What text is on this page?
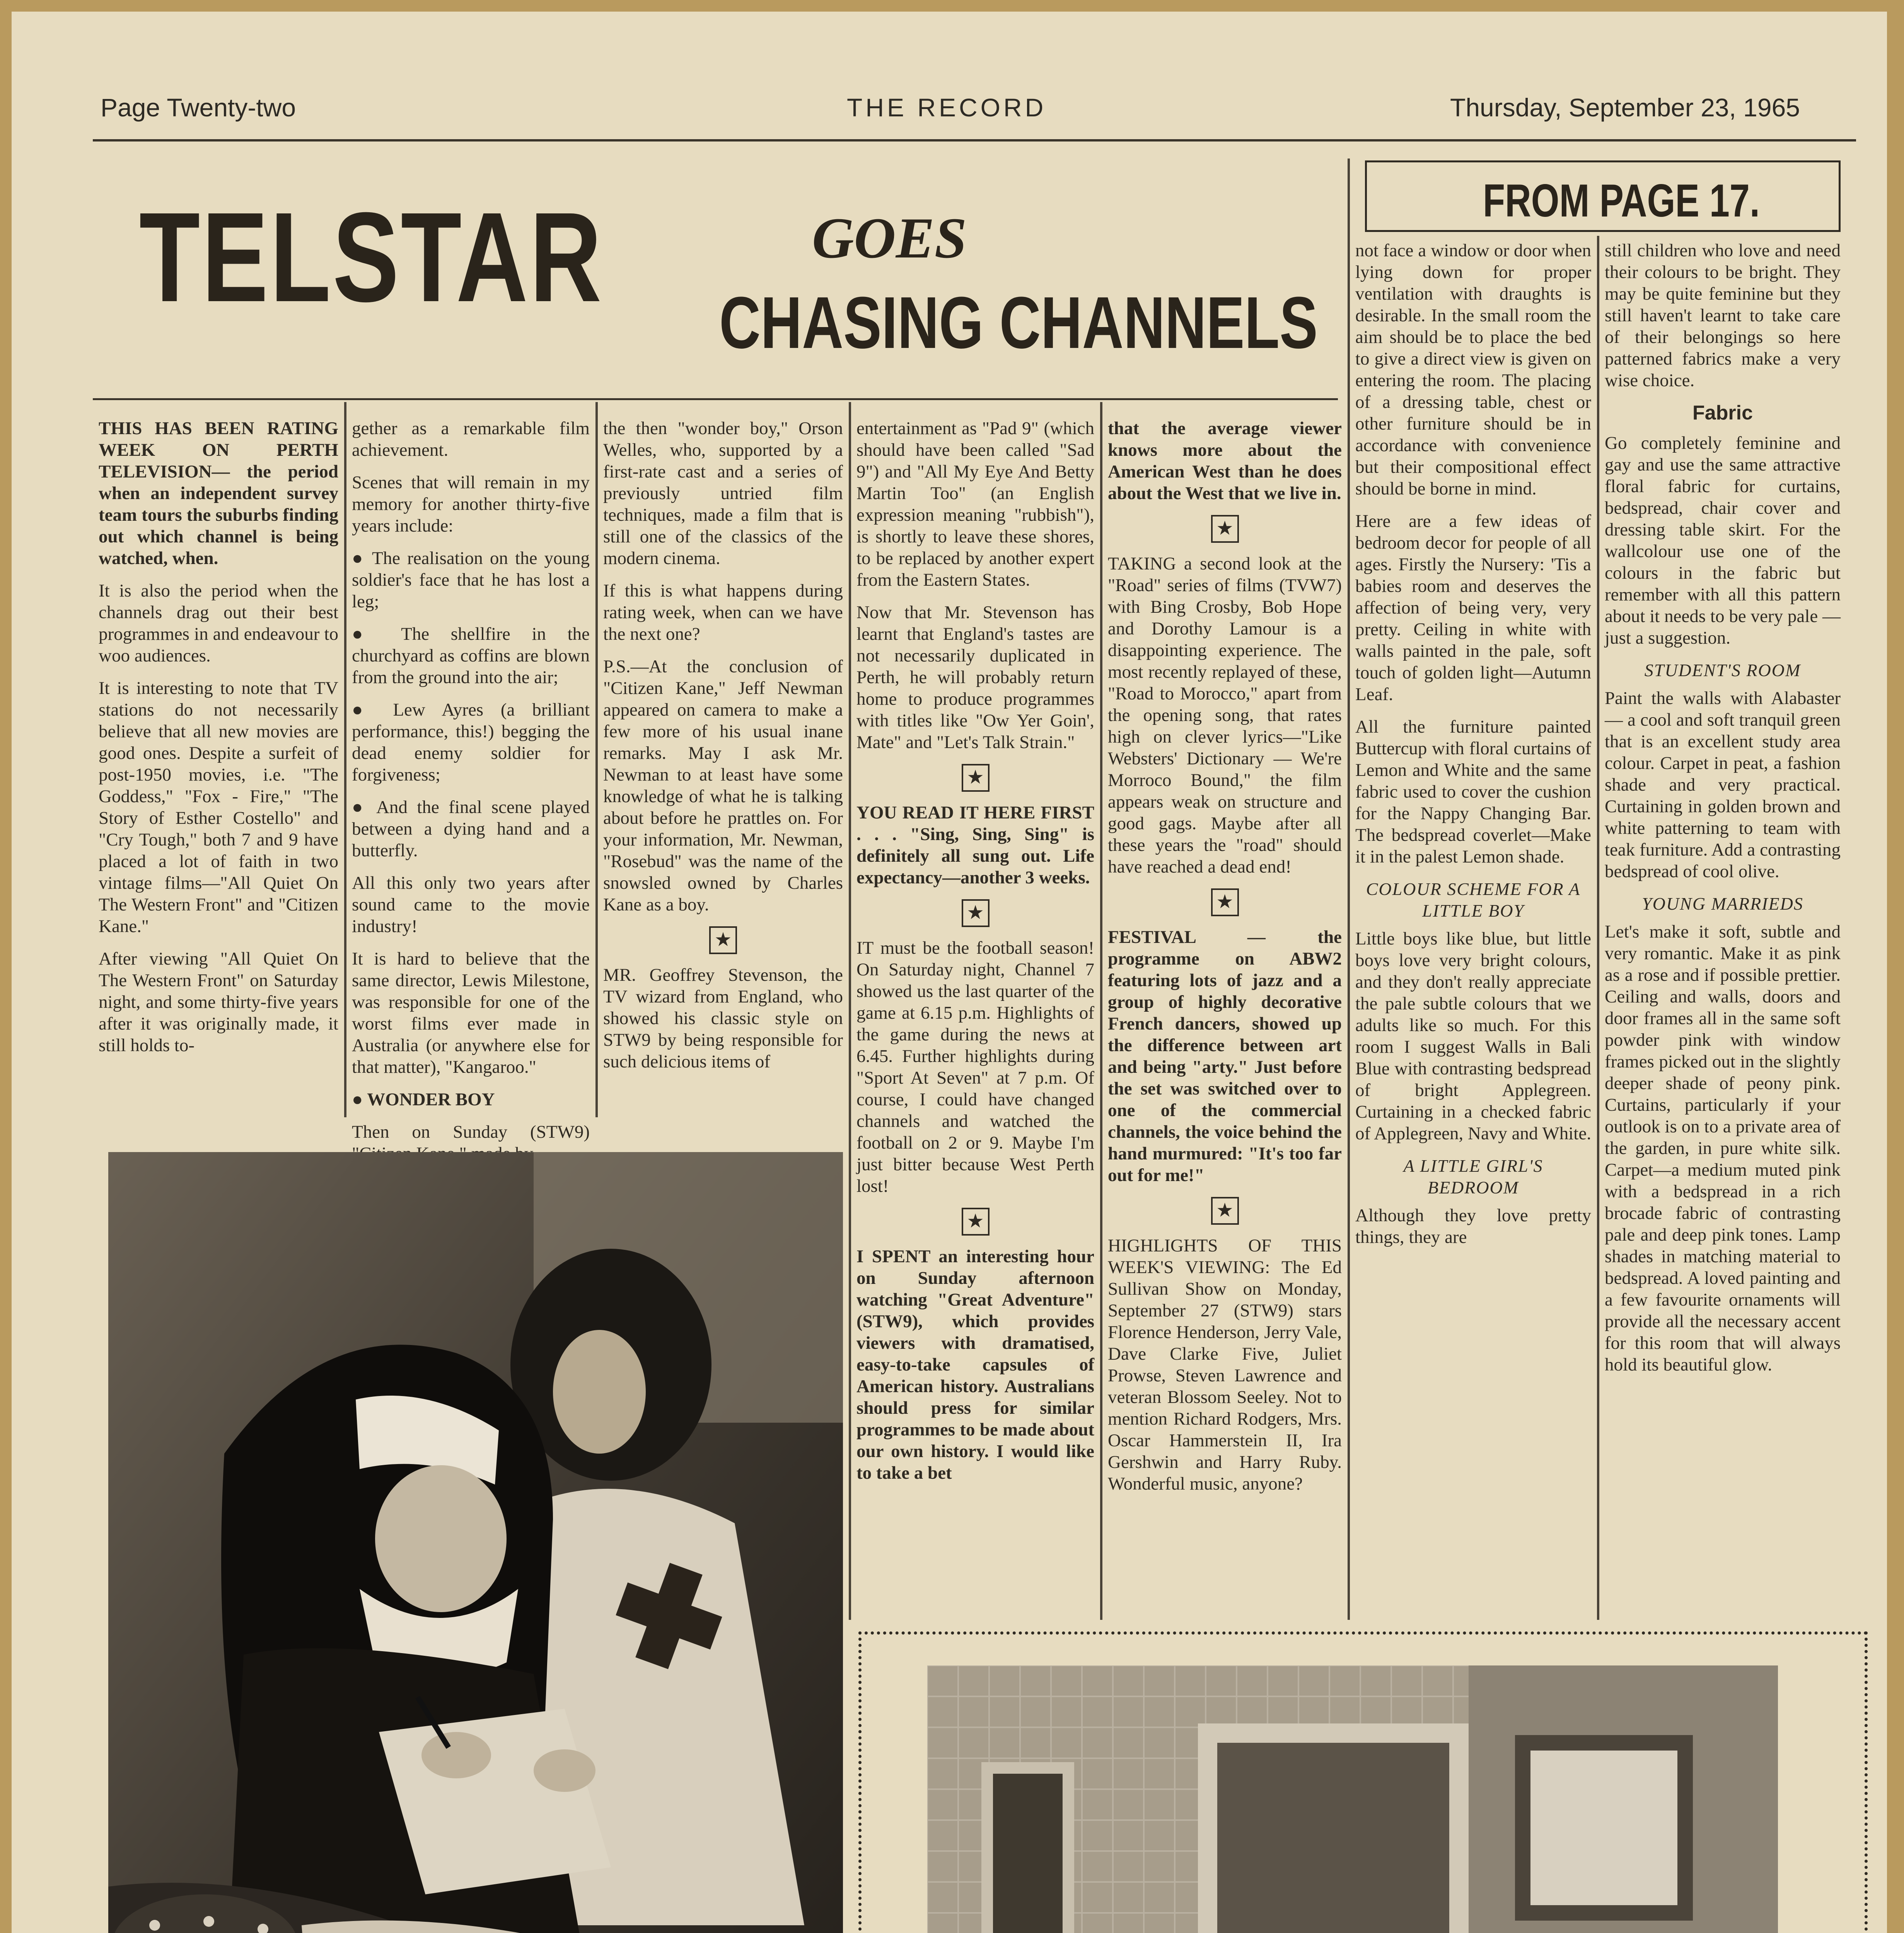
Page Twenty-two	THE RECORD	Thursday, September 23, 1965
TELSTAR	GOES
CHASING CHANNELS
FROM PAGE 17.

THIS HAS BEEN RATING WEEK ON PERTH TELEVISION— the period when an independent survey team tours the suburbs finding out which channel is being watched, when.

It is also the period when the channels drag out their best programmes in and endeavour to woo audiences.

It is interesting to note that TV stations do not necessarily believe that all new movies are good ones. Despite a surfeit of post-1950 movies, i.e. "The Goddess," "Fox - Fire," "The Story of Esther Costello" and "Cry Tough," both 7 and 9 have placed a lot of faith in two vintage films—"All Quiet On The Western Front" and "Citizen Kane."

After viewing "All Quiet On The Western Front" on Saturday night, and some thirty-five years after it was originally made, it still holds to-

gether as a remarkable film achievement.

Scenes that will remain in my memory for another thirty-five years include:

● The realisation on the young soldier's face that he has lost a leg;

● The shellfire in the churchyard as coffins are blown from the ground into the air;

● Lew Ayres (a brilliant performance, this!) begging the dead enemy soldier for forgiveness;

● And the final scene played between a dying hand and a butterfly.

All this only two years after sound came to the movie industry!

It is hard to believe that the same director, Lewis Milestone, was responsible for one of the worst films ever made in Australia (or anywhere else for that matter), "Kangaroo."

● WONDER BOY

Then on Sunday (STW9)

the then "wonder boy," Orson Welles, who, supported by a first-rate cast and a series of previously untried film techniques, made a film that is still one of the classics of the modern cinema.

If this is what happens during rating week, when can we have the next one?

P.S.—At the conclusion of "Citizen Kane," Jeff Newman appeared on camera to make a few more of his usual inane remarks. May I ask Mr. Newman to at least have some knowledge of what he is talking about before he prattles on. For your information, Mr. Newman, "Rosebud" was the name of the snowsled owned by Charles Kane as a boy.

★

MR. Geoffrey Stevenson, the TV wizard from England, who showed his classic style on STW9 by being responsible for such delicious items of

entertainment as "Pad 9" (which should have been called "Sad 9") and "All My Eye And Betty Martin Too" (an English expression meaning "rubbish"), is shortly to leave these shores, to be replaced by another expert from the Eastern States.

Now that Mr. Stevenson has learnt that England's tastes are not necessarily duplicated in Perth, he will probably return home to produce programmes with titles like "Ow Yer Goin', Mate" and "Let's Talk Strain."

★

YOU READ IT HERE FIRST . . . "Sing, Sing, Sing" is definitely all sung out. Life expectancy—another 3 weeks.

★

IT must be the football season! On Saturday night, Channel 7 showed us the last quarter of the game at 6.15 p.m. Highlights of the game during the news at 6.45. Further highlights during "Sport At Seven" at 7 p.m. Of course, I could have changed channels and watched the football on 2 or 9. Maybe I'm just bitter because West Perth lost!

★

I SPENT an interesting hour on Sunday afternoon watching "Great Adventure" (STW9), which provides viewers with dramatised, easy-to-take capsules of American history. Australians should press for similar programmes to be made about our own history. I would like to take a bet

that the average viewer knows more about the American West than he does about the West that we live in.

★

TAKING a second look at the "Road" series of films (TVW7) with Bing Crosby, Bob Hope and Dorothy Lamour is a disappointing experience. The most recently replayed of these, "Road to Morocco," apart from the opening song, that rates high on clever lyrics—"Like Websters' Dictionary — We're Morroco Bound," the film appears weak on structure and good gags. Maybe after all these years the "road" should have reached a dead end!

★

FESTIVAL — the programme on ABW2 featuring lots of jazz and a group of highly decorative French dancers, showed up the difference between art and being "arty." Just before the set was switched over to one of the commercial channels, the voice behind the hand murmured: "It's too far out for me!"

★

HIGHLIGHTS OF THIS WEEK'S VIEWING: The Ed Sullivan Show on Monday, September 27 (STW9) stars Florence Henderson, Jerry Vale, Dave Clarke Five, Juliet Prowse, Steven Lawrence and veteran Blossom Seeley. Not to mention Richard Rodgers, Mrs. Oscar Hammerstein II, Ira Gershwin and Harry Ruby. Wonderful music, anyone?

not face a window or door when lying down for proper ventilation with draughts is desirable. In the small room the aim should be to place the bed to give a direct view is given on entering the room. The placing of a dressing table, chest or other furniture should be in accordance with convenience but their compositional effect should be borne in mind.

Here are a few ideas of bedroom decor for people of all ages. Firstly the Nursery: 'Tis a babies room and deserves the affection of being very, very pretty. Ceiling in white with walls painted in the pale, soft touch of golden light—Autumn Leaf.

All the furniture painted Buttercup with floral curtains of Lemon and White and the same fabric used to cover the cushion for the Nappy Changing Bar. The bedspread coverlet—Make it in the palest Lemon shade.

COLOUR SCHEME FOR A LITTLE BOY

Little boys like blue, but little boys love very bright colours, and they don't really appreciate the pale subtle colours that we adults like so much. For this room I suggest Walls in Bali Blue with contrasting bedspread of bright Applegreen. Curtaining in a checked fabric of Applegreen, Navy and White.

A LITTLE GIRL'S BEDROOM

Although they love pretty things, they are

still children who love and need their colours to be bright. They may be quite feminine but they still haven't learnt to take care of their belongings so here patterned fabrics make a very wise choice.

Fabric

Go completely feminine and gay and use the same attractive floral fabric for curtains, bedspread, chair cover and dressing table skirt. For the wallcolour use one of the colours in the fabric but remember with all this pattern about it needs to be very pale — just a suggestion.

STUDENT'S ROOM

Paint the walls with Alabaster — a cool and soft tranquil green that is an excellent study area colour. Carpet in peat, a fashion shade and very practical. Curtaining in golden brown and white patterning to team with teak furniture. Add a contrasting bedspread of cool olive.

YOUNG MARRIEDS

Let's make it soft, subtle and very romantic. Make it as pink as a rose and if possible prettier. Ceiling and walls, doors and door frames all in the same soft powder pink with window frames picked out in the slightly deeper shade of peony pink. Curtains, particularly if your outlook is on to a private area of the garden, in pure white silk. Carpet—a medium muted pink with a bedspread in a rich brocade fabric of contrasting pale and deep pink tones. Lamp shades in matching material to bedspread. A loved painting and a few favourite ornaments will provide all the necessary accent for this room that will always hold its beautiful glow.
